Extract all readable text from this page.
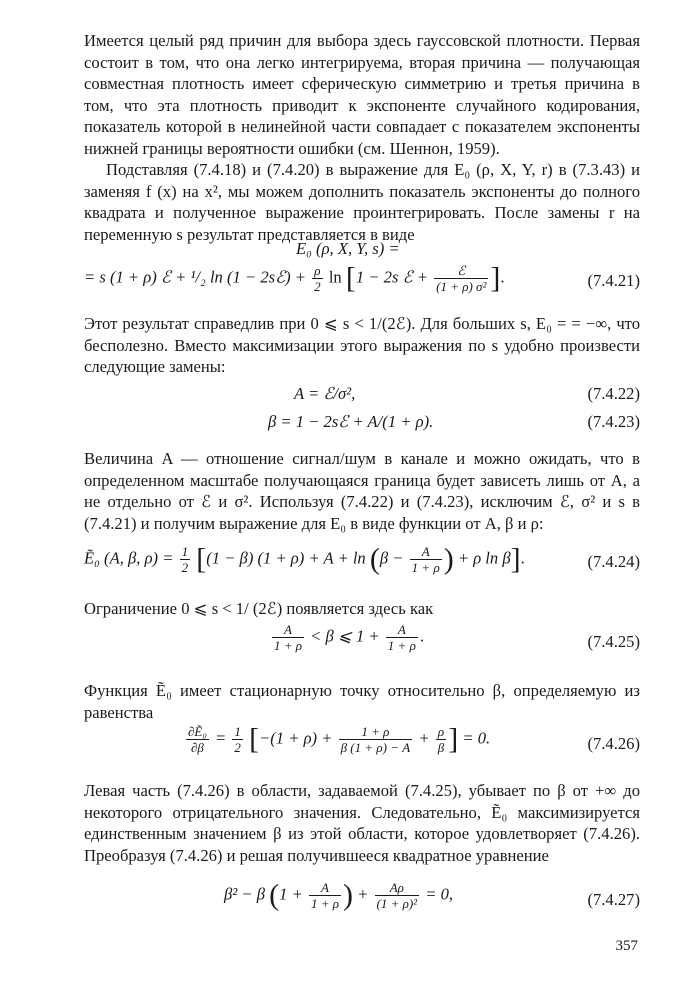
Имеется целый ряд причин для выбора здесь гауссовской плотности. Первая состоит в том, что она легко интегрируема, вторая причина — получающая совместная плотность имеет сферическую симметрию и третья причина в том, что эта плотность приводит к экспоненте случайного кодирования, показатель которой в нелинейной части совпадает с показателем экспоненты нижней границы вероятности ошибки (см. Шеннон, 1959).

Подставляя (7.4.18) и (7.4.20) в выражение для E₀ (ρ, X, Y, r) в (7.3.43) и заменяя f (x) на x², мы можем дополнить показатель экспоненты до полного квадрата и полученное выражение проинтегрировать. После замены r на переменную s результат представляется в виде

E₀ (ρ, X, Y, s) =
= s (1 + ρ) ℰ + ¹/₂ ln (1 − 2sℰ) + $\frac{\rho}{2}$ ln [1 − 2s ℰ +	ℰ
(1 + ρ) σ² ].	(7.4.21)

Этот результат справедлив при 0 ⩽ s < 1/(2ℰ). Для больших s, E₀ = = −∞, что бесполезно. Вместо максимизации этого выражения по s удобно произвести следующие замены:

A = ℰ/σ²,	(7.4.22)
β = 1 − 2sℰ + A/(1 + ρ).	(7.4.23)

Величина A — отношение сигнал/шум в канале и можно ожидать, что в определенном масштабе получающаяся граница будет зависеть лишь от A, а не отдельно от ℰ и σ². Используя (7.4.22) и (7.4.23), исключим ℰ, σ² и s в (7.4.21) и получим выражение для E₀ в виде функции от A, β и ρ:

Ẽ₀ (A, β, $\rho) = \frac{1}{2} [(1 - \beta) (1 + \rho) + A + \ln (\beta - \frac{A}{1 + \rho}$ ) + ρ ln β].	(7.4.24)

Ограничение 0 ⩽ s < 1/ (2ℰ) появляется здесь как

$\frac{A}{1 + \rho} < \beta$ ⩽ $1 + \frac{A}{1 + \rho}$ .	(7.4.25)

Функция Ẽ₀ имеет стационарную точку относительно β, определяемую из равенства

$\frac{\text{∂Ẽ₀}}{\partial\beta} = \frac{1}{2} [-(1 + \rho) + \frac{1 + \rho}{\beta (1 + \rho) - A} + \frac{\rho}{\beta}$ ] = 0.	(7.4.26)

Левая часть (7.4.26) в области, задаваемой (7.4.25), убывает по β от +∞ до некоторого отрицательного значения. Следовательно, Ẽ₀ максимизируется единственным значением β из этой области, которое удовлетворяет (7.4.26). Преобразуя (7.4.26) и решая получившееся квадратное уравнение

β² − β ($1 + \frac{A}{1 + \rho}$ ) + $\frac{A\rho}{\text{(1 + ρ)²}} = 0$,	(7.4.27)
357
